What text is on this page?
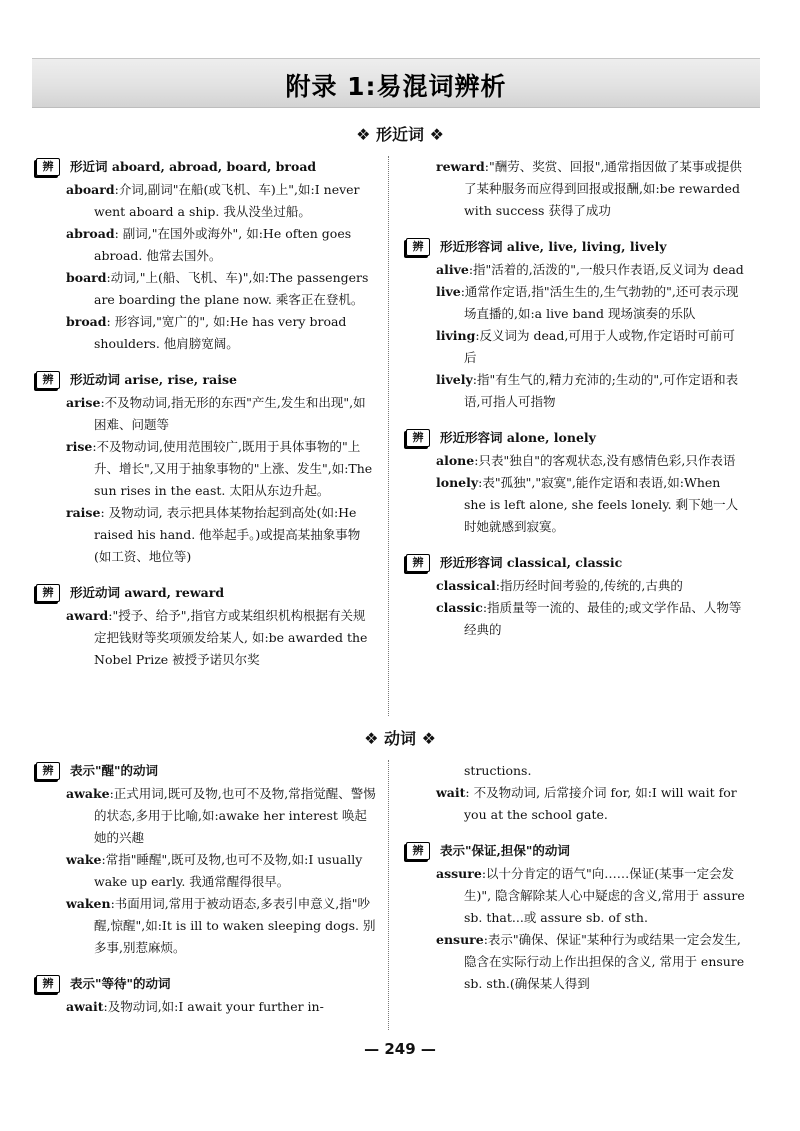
附录 1:易混词辨析
❖ 形近词 ❖
辨	形近词 aboard, abroad, board, broad
aboard:介词,副词"在船(或飞机、车)上",如:I never went aboard a ship. 我从没坐过船。
abroad: 副词,"在国外或海外", 如:He often goes abroad. 他常去国外。
board:动词,"上(船、飞机、车)",如:The passengers are boarding the plane now. 乘客正在登机。
broad: 形容词,"宽广的", 如:He has very broad shoulders. 他肩膀宽阔。
辨	形近动词 arise, rise, raise
arise:不及物动词,指无形的东西"产生,发生和出现",如困难、问题等
rise:不及物动词,使用范围较广,既用于具体事物的"上升、增长",又用于抽象事物的"上涨、发生",如:The sun rises in the east. 太阳从东边升起。
raise: 及物动词, 表示把具体某物抬起到高处(如:He raised his hand. 他举起手。)或提高某抽象事物(如工资、地位等)
辨	形近动词 award, reward
award:"授予、给予",指官方或某组织机构根据有关规定把钱财等奖项颁发给某人, 如:be awarded the Nobel Prize 被授予诺贝尔奖
reward:"酬劳、奖赏、回报",通常指因做了某事或提供了某种服务而应得到回报或报酬,如:be rewarded with success 获得了成功
辨	形近形容词 alive, live, living, lively
alive:指"活着的,活泼的",一般只作表语,反义词为 dead
live:通常作定语,指"活生生的,生气勃勃的",还可表示现场直播的,如:a live band 现场演奏的乐队
living:反义词为 dead,可用于人或物,作定语时可前可后
lively:指"有生气的,精力充沛的;生动的",可作定语和表语,可指人可指物
辨	形近形容词 alone, lonely
alone:只表"独自"的客观状态,没有感情色彩,只作表语
lonely:表"孤独","寂寞",能作定语和表语,如:When she is left alone, she feels lonely. 剩下她一人时她就感到寂寞。
辨	形近形容词 classical, classic
classical:指历经时间考验的,传统的,古典的
classic:指质量等一流的、最佳的;或文学作品、人物等经典的
❖ 动词 ❖
辨	表示"醒"的动词
awake:正式用词,既可及物,也可不及物,常指觉醒、警惕的状态,多用于比喻,如:awake her interest 唤起她的兴趣
wake:常指"睡醒",既可及物,也可不及物,如:I usually wake up early. 我通常醒得很早。
waken:书面用词,常用于被动语态,多表引申意义,指"吵醒,惊醒",如:It is ill to waken sleeping dogs. 别多事,别惹麻烦。
辨	表示"等待"的动词
await:及物动词,如:I await your further in-
structions.
wait: 不及物动词, 后常接介词 for, 如:I will wait for you at the school gate.
辨	表示"保证,担保"的动词
assure:以十分肯定的语气"向……保证(某事一定会发生)", 隐含解除某人心中疑虑的含义,常用于 assure sb. that...或 assure sb. of sth.
ensure:表示"确保、保证"某种行为或结果一定会发生, 隐含在实际行动上作出担保的含义, 常用于 ensure sb. sth.(确保某人得到
— 249 —
